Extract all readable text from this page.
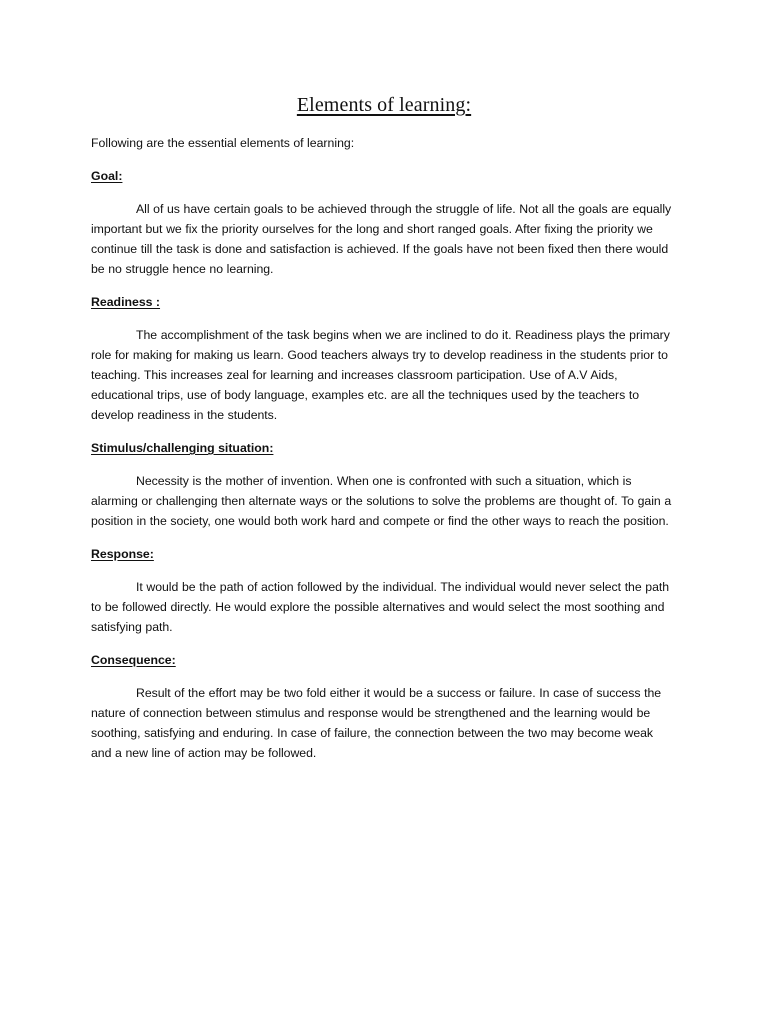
Elements of learning:

Following are the essential elements of learning:

Goal:

All of us have certain goals to be achieved through the struggle of life. Not all the goals are equally important but we fix the priority ourselves for the long and short ranged goals. After fixing the priority we continue till the task is done and satisfaction is achieved. If the goals have not been fixed then there would be no struggle hence no learning.

Readiness :

The accomplishment of the task begins when we are inclined to do it. Readiness plays the primary role for making for making us learn. Good teachers always try to develop readiness in the students prior to teaching. This increases zeal for learning and increases classroom participation. Use of A.V Aids, educational trips, use of body language, examples etc. are all the techniques used by the teachers to develop readiness in the students.

Stimulus/challenging situation:

Necessity is the mother of invention. When one is confronted with such a situation, which is alarming or challenging then alternate ways or the solutions to solve the problems are thought of. To gain a position in the society, one would both work hard and compete or find the other ways to reach the position.

Response:

It would be the path of action followed by the individual. The individual would never select the path to be followed directly. He would explore the possible alternatives and would select the most soothing and satisfying path.

Consequence:

Result of the effort may be two fold either it would be a success or failure. In case of success the nature of connection between stimulus and response would be strengthened and the learning would be soothing, satisfying and enduring. In case of failure, the connection between the two may become weak and a new line of action may be followed.
